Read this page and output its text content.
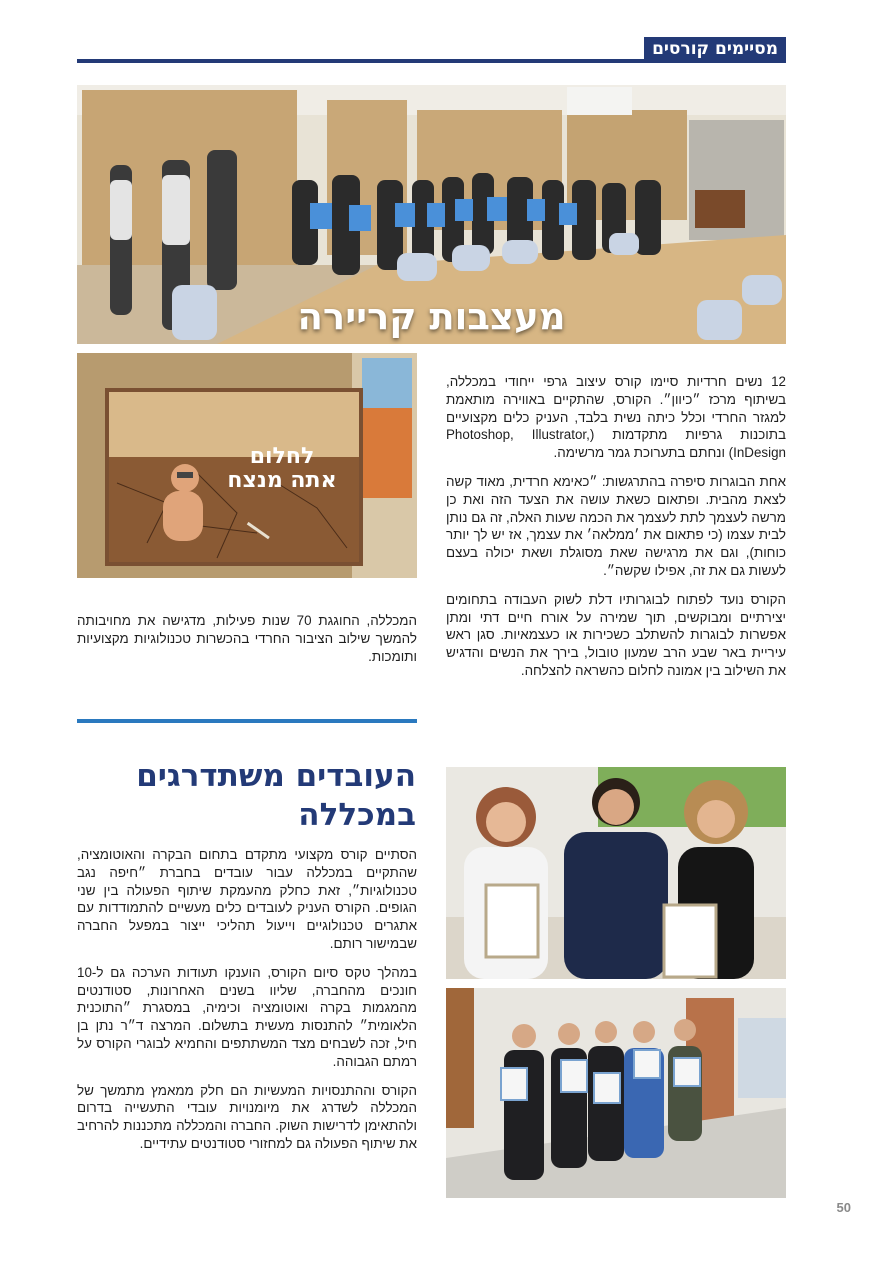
מסיימים קורסים
מעצבות קריירה
לחלום אתה מנצח

12 נשים חרדיות סיימו קורס עיצוב גרפי ייחודי במכללה, בשיתוף מרכז ״כיוון״. הקורס, שהתקיים באווירה מותאמת למגזר החרדי וכלל כיתה נשית בלבד, העניק כלים מקצועיים בתוכנות גרפיות מתקדמות (Photoshop, Illustrator, InDesign) ונחתם בתערוכת גמר מרשימה.

אחת הבוגרות סיפרה בהתרגשות: ״כאימא חרדית, מאוד קשה לצאת מהבית. ופתאום כשאת עושה את הצעד הזה ואת כן מרשה לעצמך לתת לעצמך את הכמה שעות האלה, זה גם נותן לבית עצמו (כי פתאום את ׳ממלאה׳ את עצמך, אז יש לך יותר כוחות), וגם את מרגישה שאת מסוגלת ושאת יכולה בעצם לעשות גם את זה, אפילו שקשה״.

הקורס נועד לפתוח לבוגרותיו דלת לשוק העבודה בתחומים יצירתיים ומבוקשים, תוך שמירה על אורח חיים דתי ומתן אפשרות לבוגרות להשתלב כשכירות או כעצמאיות. סגן ראש עיריית באר שבע הרב שמעון טובול, בירך את הנשים והדגיש את השילוב בין אמונה לחלום כהשראה להצלחה.

המכללה, החוגגת 70 שנות פעילות, מדגישה את מחויבותה להמשך שילוב הציבור החרדי בהכשרות טכנולוגיות מקצועיות ותומכות.

העובדים משתדרגים במכללה

הסתיים קורס מקצועי מתקדם בתחום הבקרה והאוטומציה, שהתקיים במכללה עבור עובדים בחברת ״חיפה נגב טכנולוגיות״, זאת כחלק מהעמקת שיתוף הפעולה בין שני הגופים. הקורס העניק לעובדים כלים מעשיים להתמודדות עם אתגרים טכנולוגיים וייעול תהליכי ייצור במפעל החברה שבמישור רותם.

במהלך טקס סיום הקורס, הוענקו תעודות הערכה גם ל-10 חונכים מהחברה, שליוו בשנים האחרונות, סטודנטים מהמגמות בקרה ואוטומציה וכימיה, במסגרת ״התוכנית הלאומית״ להתנסות מעשית בתשלום. המרצה ד״ר נתן בן חיל, זכה לשבחים מצד המשתתפים והחמיא לבוגרי הקורס על רמתם הגבוהה.

הקורס וההתנסויות המעשיות הם חלק ממאמץ מתמשך של המכללה לשדרג את מיומנויות עובדי התעשייה בדרום ולהתאימן לדרישות השוק. החברה והמכללה מתכננות להרחיב את שיתוף הפעולה גם למחזורי סטודנטים עתידיים.

50
